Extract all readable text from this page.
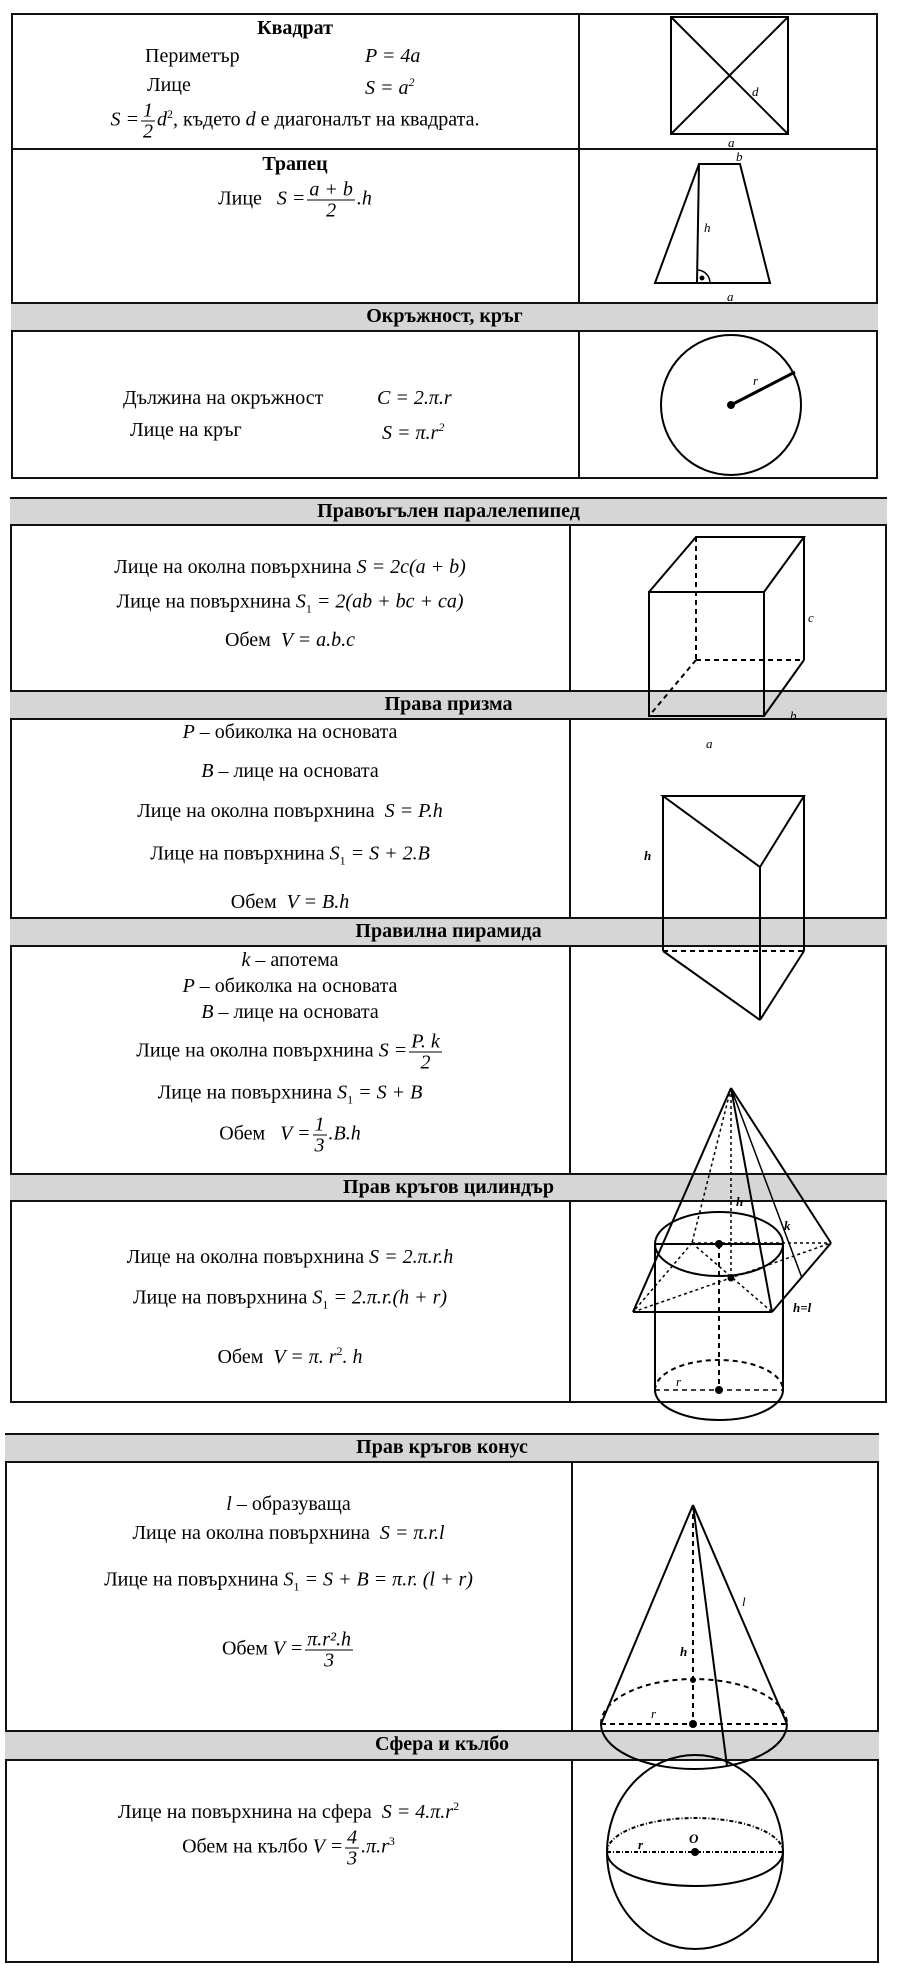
Окръжност, кръг
Квадрат
Периметър	P = 4a
Лице	$S = a^2$
$S = \frac{1}{2} d^2$, където d е диагоналът на квадрата.
Трапец
Лице $S = \frac{a + b}{2} .h$
Дължина на окръжност	C = 2.π.r
Лице на кръг	$S = \pi.r^2$
Правоъгълен паралелепипед
Права призма
Правилна пирамида
Прав кръгов цилиндър
Лице на околна повърхнина S = 2c(a + b)
Лице на повърхнина $S_1 = 2(ab$ + bc + ca)
Обем V = a.b.c
P – обиколка на основата
B – лице на основата
Лице на околна повърхнина S = P.h
Лице на повърхнина $S_1 = S + 2.B$
Обем V = B.h
k – апотема
P – обиколка на основата
B – лице на основата
Лице на околна повърхнина $S = \frac{P. k}{2}$
Лице на повърхнина $S_1 = S + B$
Обем $V = \frac{1}{3} .B.h$
Лице на околна повърхнина S = 2.π.r.h
Лице на повърхнина $S_1 = 2.\pi.r.(h + r)$
Обем V = π. $r^2$. h
Прав кръгов конус
Сфера и кълбо
l – образуваща
Лице на околна повърхнина S = π.r.l
Лице на повърхнина $S_1 = S + B = \pi.r$. (l + r)
Обем $V = \frac{\text{π.r².h}}{3}$
Лице на повърхнина на сфера $S = 4.\pi.r^2$
Обем на кълбо $V = \frac{4}{3} .\pi.r^3$
d
a
b
h
a
r
c
b
a
h
h
k
h=l
r
l
h
r
r	O
